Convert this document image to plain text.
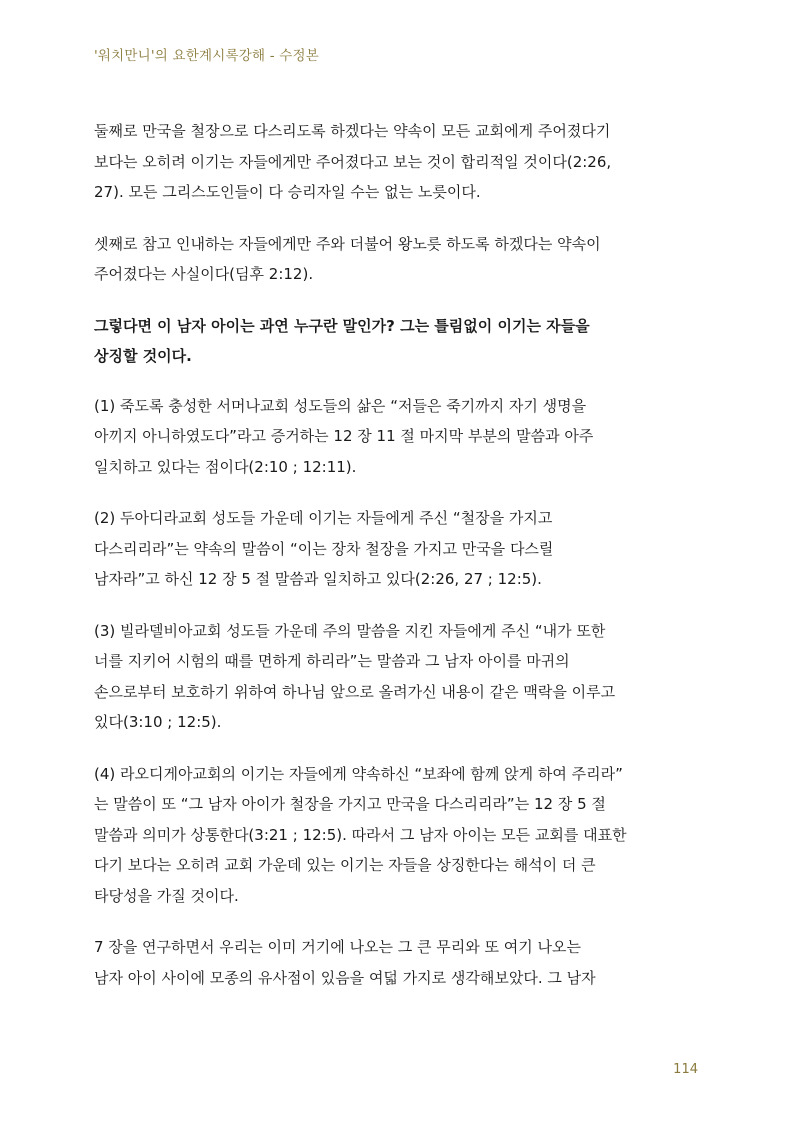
'워치만니'의 요한계시록강해 - 수정본

둘째로 만국을 철장으로 다스리도록 하겠다는 약속이 모든 교회에게 주어졌다기
보다는 오히려 이기는 자들에게만 주어졌다고 보는 것이 합리적일 것이다(2:26,
27). 모든 그리스도인들이 다 승리자일 수는 없는 노릇이다.

셋째로 참고 인내하는 자들에게만 주와 더불어 왕노릇 하도록 하겠다는 약속이
주어졌다는 사실이다(딤후 2:12).

그렇다면 이 남자 아이는 과연 누구란 말인가? 그는 틀림없이 이기는 자들을
상징할 것이다.

(1) 죽도록 충성한 서머나교회 성도들의 삶은 “저들은 죽기까지 자기 생명을
아끼지 아니하였도다”라고 증거하는 12 장 11 절 마지막 부분의 말씀과 아주
일치하고 있다는 점이다(2:10 ; 12:11).

(2) 두아디라교회 성도들 가운데 이기는 자들에게 주신 “철장을 가지고
다스리리라”는 약속의 말씀이 “이는 장차 철장을 가지고 만국을 다스릴
남자라”고 하신 12 장 5 절 말씀과 일치하고 있다(2:26, 27 ; 12:5).

(3) 빌라델비아교회 성도들 가운데 주의 말씀을 지킨 자들에게 주신 “내가 또한
너를 지키어 시험의 때를 면하게 하리라”는 말씀과 그 남자 아이를 마귀의
손으로부터 보호하기 위하여 하나님 앞으로 올려가신 내용이 같은 맥락을 이루고
있다(3:10 ; 12:5).

(4) 라오디게아교회의 이기는 자들에게 약속하신 “보좌에 함께 앉게 하여 주리라”
는 말씀이 또 “그 남자 아이가 철장을 가지고 만국을 다스리리라”는 12 장 5 절
말씀과 의미가 상통한다(3:21 ; 12:5). 따라서 그 남자 아이는 모든 교회를 대표한
다기 보다는 오히려 교회 가운데 있는 이기는 자들을 상징한다는 해석이 더 큰
타당성을 가질 것이다.

7 장을 연구하면서 우리는 이미 거기에 나오는 그 큰 무리와 또 여기 나오는
남자 아이 사이에 모종의 유사점이 있음을 여덟 가지로 생각해보았다. 그 남자

114
